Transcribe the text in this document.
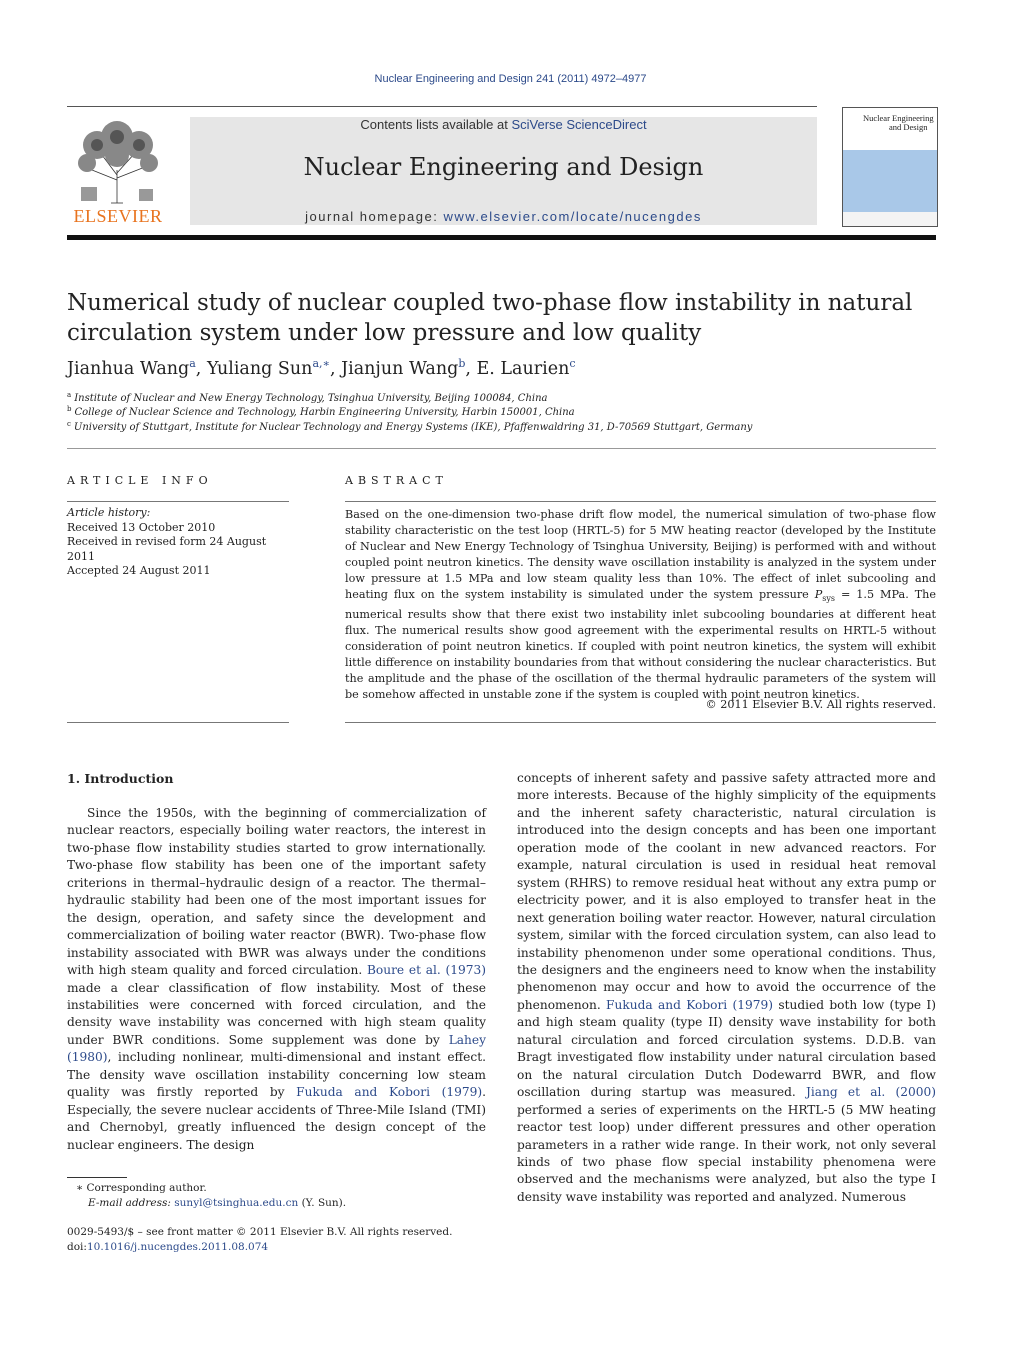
Nuclear Engineering and Design 241 (2011) 4972–4977
ELSEVIER
Contents lists available at SciVerse ScienceDirect
Nuclear Engineering and Design
journal homepage: www.elsevier.com/locate/nucengdes
Nuclear Engineering
and Design
Numerical study of nuclear coupled two-phase flow instability in natural
circulation system under low pressure and low quality
Jianhua Wang$^a$, Yuliang Sun$^{a,∗}$, Jianjun Wang$^b$, E. Laurien$^c$
$^a$ Institute of Nuclear and New Energy Technology, Tsinghua University, Beijing 100084, China
$^b$ College of Nuclear Science and Technology, Harbin Engineering University, Harbin 150001, China
$^c$ University of Stuttgart, Institute for Nuclear Technology and Energy Systems (IKE), Pfaffenwaldring 31, D-70569 Stuttgart, Germany
ARTICLE INFO
Article history:
Received 13 October 2010
Received in revised form 24 August 2011
Accepted 24 August 2011
ABSTRACT
Based on the one-dimension two-phase drift flow model, the numerical simulation of two-phase flow stability characteristic on the test loop (HRTL-5) for 5 MW heating reactor (developed by the Institute of Nuclear and New Energy Technology of Tsinghua University, Beijing) is performed with and without coupled point neutron kinetics. The density wave oscillation instability is analyzed in the system under low pressure at 1.5 MPa and low steam quality less than 10%. The effect of inlet subcooling and heating flux on the system instability is simulated under the system pressure $P_{sys} = 1.5$ MPa. The numerical results show that there exist two instability inlet subcooling boundaries at different heat flux. The numerical results show good agreement with the experimental results on HRTL-5 without consideration of point neutron kinetics. If coupled with point neutron kinetics, the system will exhibit little difference on instability boundaries from that without considering the nuclear characteristics. But the amplitude and the phase of the oscillation of the thermal hydraulic parameters of the system will be somehow affected in unstable zone if the system is coupled with point neutron kinetics.
© 2011 Elsevier B.V. All rights reserved.
1. Introduction
Since the 1950s, with the beginning of commercialization of nuclear reactors, especially boiling water reactors, the interest in two-phase flow instability studies started to grow internationally. Two-phase flow stability has been one of the important safety criterions in thermal–hydraulic design of a reactor. The thermal–hydraulic stability had been one of the most important issues for the design, operation, and safety since the development and commercialization of boiling water reactor (BWR). Two-phase flow instability associated with BWR was always under the conditions with high steam quality and forced circulation. Boure et al. (1973) made a clear classification of flow instability. Most of these instabilities were concerned with forced circulation, and the density wave instability was concerned with high steam quality under BWR conditions. Some supplement was done by Lahey (1980), including nonlinear, multi-dimensional and instant effect. The density wave oscillation instability concerning low steam quality was firstly reported by Fukuda and Kobori (1979). Especially, the severe nuclear accidents of Three-Mile Island (TMI) and Chernobyl, greatly influenced the design concept of the nuclear engineers. The design
concepts of inherent safety and passive safety attracted more and more interests. Because of the highly simplicity of the equipments and the inherent safety characteristic, natural circulation is introduced into the design concepts and has been one important operation mode of the coolant in new advanced reactors. For example, natural circulation is used in residual heat removal system (RHRS) to remove residual heat without any extra pump or electricity power, and it is also employed to transfer heat in the next generation boiling water reactor. However, natural circulation system, similar with the forced circulation system, can also lead to instability phenomenon under some operational conditions. Thus, the designers and the engineers need to know when the instability phenomenon may occur and how to avoid the occurrence of the phenomenon. Fukuda and Kobori (1979) studied both low (type I) and high steam quality (type II) density wave instability for both natural circulation and forced circulation systems. D.D.B. van Bragt investigated flow instability under natural circulation based on the natural circulation Dutch Dodewarrd BWR, and flow oscillation during startup was measured. Jiang et al. (2000) performed a series of experiments on the HRTL-5 (5 MW heating reactor test loop) under different pressures and other operation parameters in a rather wide range. In their work, not only several kinds of two phase flow special instability phenomena were observed and the mechanisms were analyzed, but also the type I density wave instability was reported and analyzed. Numerous
∗ Corresponding author.
E-mail address: sunyl@tsinghua.edu.cn (Y. Sun).
0029-5493/$ – see front matter © 2011 Elsevier B.V. All rights reserved.
doi:10.1016/j.nucengdes.2011.08.074
